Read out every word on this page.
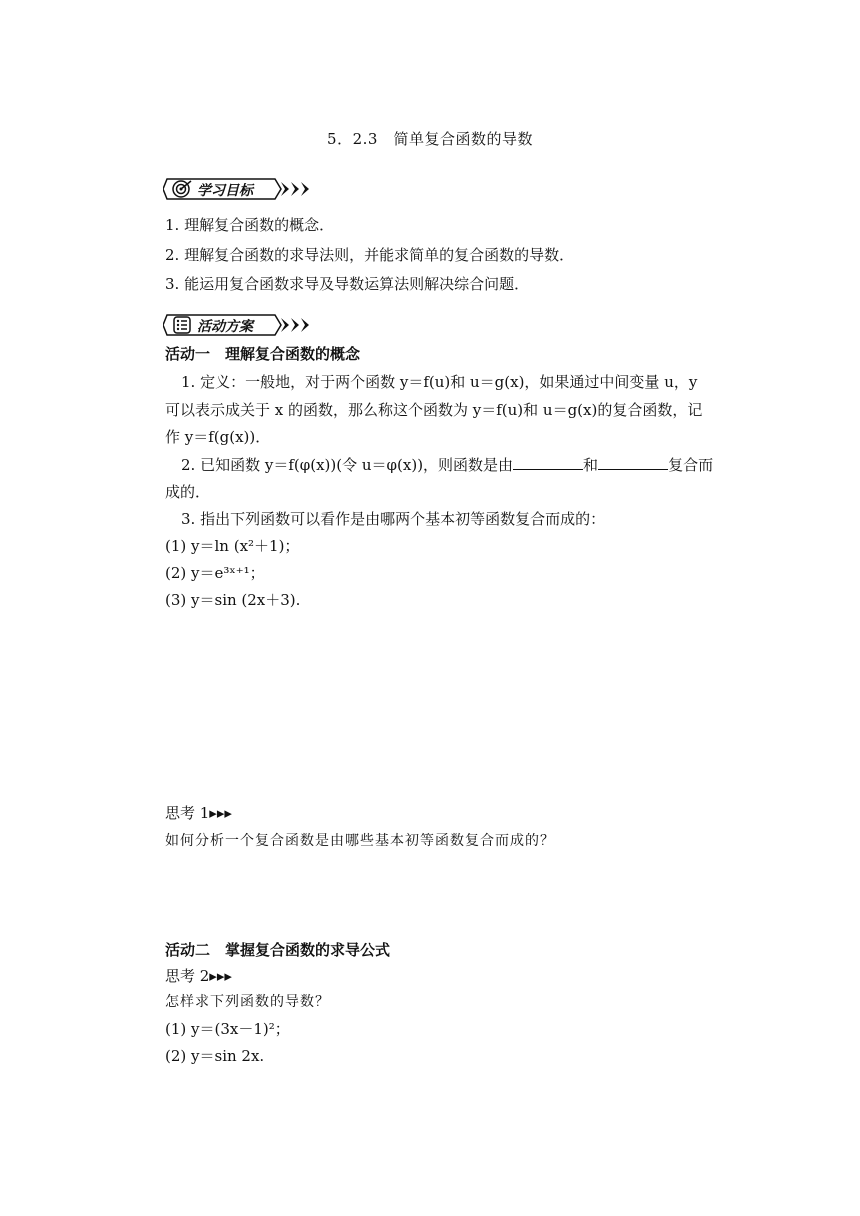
5．2.3　简单复合函数的导数
学习目标
1. 理解复合函数的概念．
2. 理解复合函数的求导法则，并能求简单的复合函数的导数．
3. 能运用复合函数求导及导数运算法则解决综合问题．
活动方案
活动一　理解复合函数的概念
1. 定义：一般地，对于两个函数 y＝f(u)和 u＝g(x)，如果通过中间变量 u，y
可以表示成关于 x 的函数，那么称这个函数为 y＝f(u)和 u＝g(x)的复合函数，记
作 y＝f(g(x))．
2. 已知函数 y＝f(φ(x))(令 u＝φ(x))，则函数是由	和	复合而
成的．
3. 指出下列函数可以看作是由哪两个基本初等函数复合而成的：
(1) y＝ln (x²＋1)；
(2) y＝e³ˣ⁺¹；
(3) y＝sin (2x＋3).
思考 1▸▸▸
如何分析一个复合函数是由哪些基本初等函数复合而成的？
活动二　掌握复合函数的求导公式
思考 2▸▸▸
怎样求下列函数的导数？
(1) y＝(3x－1)²；
(2) y＝sin 2x.
